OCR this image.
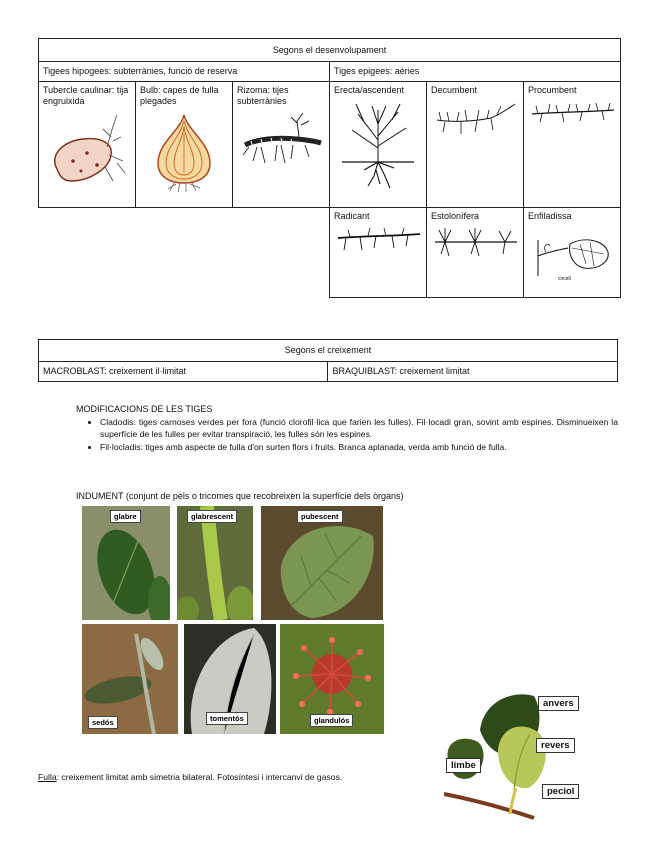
Segons el desenvolupament					
Tigees hipogees: subterrànies, funció de reserva			Tiges epigees: aèries		

Tubercle caulinar: tija engruixida	Bulb: capes de fulla plegades	Rizoma: tijes subterrànies	Erecta/ascendent	Decumbent	Procumbent

			Radicant	Estolonífera	Enfiladissa
circell
Segons el creixement
MACROBLAST: creixement il·limitat	BRAQUIBLAST: creixement limitat
MODIFICACIONS DE LES TIGES
• Cladodis: tiges carnoses verdes per fora (funció clorofil·lica que farien les fulles). Fil·locadi gran, sovint amb espines. Disminueixen la superfície de les fulles per evitar transpiració, les fulles són les espines.
• Fil·locladis: tiges amb aspecte de fulla d'on surten flors i fruits. Branca aplanada, verda amb funció de fulla.
INDUMENT (conjunt de pèls o tricomes que recobreixen la superfície dels òrgans)
glabre	glabrescent	pubescent
sedós	tomentós	glandulós
Fulla: creixement limitat amb simetria bilateral. Fotosíntesi i intercanvi de gasos.
anvers
revers
limbe
peciol
